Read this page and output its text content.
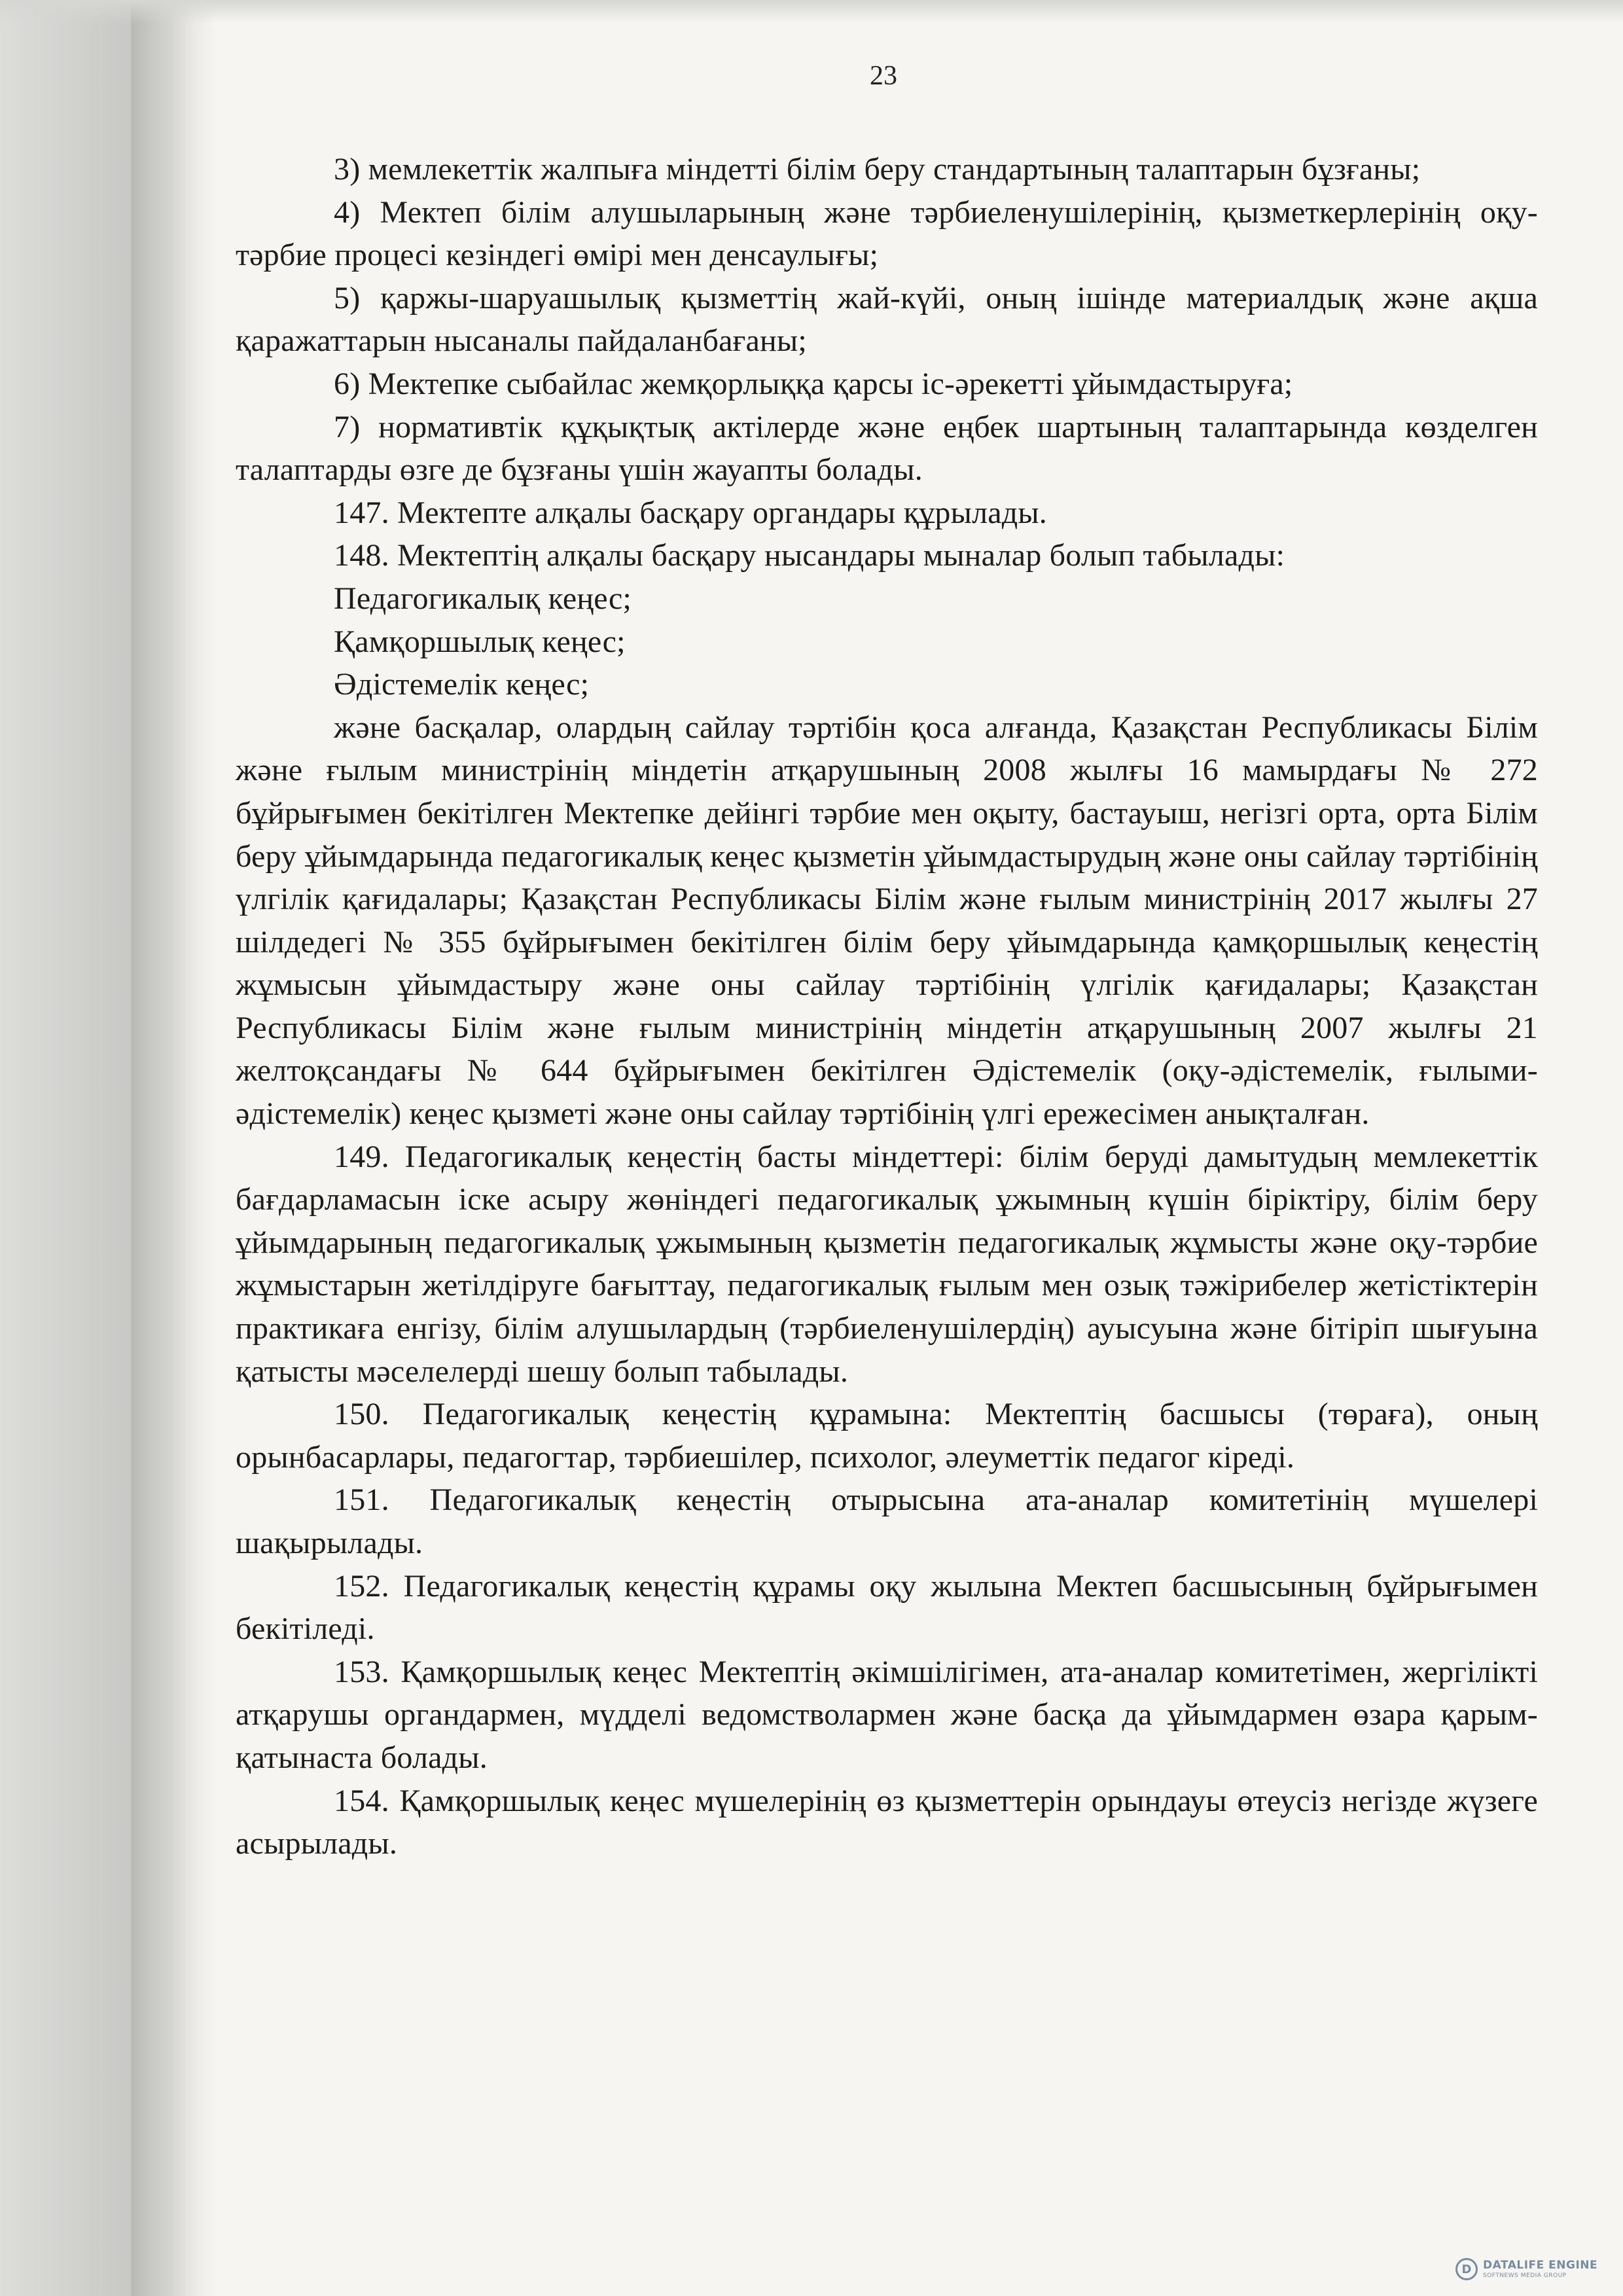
23

3) мемлекеттік жалпыға міндетті білім беру стандартының талаптарын бұзғаны;

4) Мектеп білім алушыларының және тәрбиеленушілерінің, қызметкерлерінің оқу-тәрбие процесі кезіндегі өмірі мен денсаулығы;

5) қаржы-шаруашылық қызметтің жай-күйі, оның ішінде материалдық және ақша қаражаттарын нысаналы пайдаланбағаны;

6) Мектепке сыбайлас жемқорлыққа қарсы іс-әрекетті ұйымдастыруға;

7) нормативтік құқықтық актілерде және еңбек шартының талаптарында көзделген талаптарды өзге де бұзғаны үшін жауапты болады.

147. Мектепте алқалы басқару органдары құрылады.

148. Мектептің алқалы басқару нысандары мыналар болып табылады:

Педагогикалық кеңес;

Қамқоршылық кеңес;

Әдістемелік кеңес;

және басқалар, олардың сайлау тәртібін қоса алғанда, Қазақстан Республикасы Білім және ғылым министрінің міндетін атқарушының 2008 жылғы 16 мамырдағы № 272 бұйрығымен бекітілген Мектепке дейінгі тәрбие мен оқыту, бастауыш, негізгі орта, орта Білім беру ұйымдарында педагогикалық кеңес қызметін ұйымдастырудың және оны сайлау тәртібінің үлгілік қағидалары; Қазақстан Республикасы Білім және ғылым министрінің 2017 жылғы 27 шілдедегі № 355 бұйрығымен бекітілген білім беру ұйымдарында қамқоршылық кеңестің жұмысын ұйымдастыру және оны сайлау тәртібінің үлгілік қағидалары; Қазақстан Республикасы Білім және ғылым министрінің міндетін атқарушының 2007 жылғы 21 желтоқсандағы № 644 бұйрығымен бекітілген Әдістемелік (оқу-әдістемелік, ғылыми-әдістемелік) кеңес қызметі және оны сайлау тәртібінің үлгі ережесімен анықталған.

149. Педагогикалық кеңестің басты міндеттері: білім беруді дамытудың мемлекеттік бағдарламасын іске асыру жөніндегі педагогикалық ұжымның күшін біріктіру, білім беру ұйымдарының педагогикалық ұжымының қызметін педагогикалық жұмысты және оқу-тәрбие жұмыстарын жетілдіруге бағыттау, педагогикалық ғылым мен озық тәжірибелер жетістіктерін практикаға енгізу, білім алушылардың (тәрбиеленушілердің) ауысуына және бітіріп шығуына қатысты мәселелерді шешу болып табылады.

150. Педагогикалық кеңестің құрамына: Мектептің басшысы (төраға), оның орынбасарлары, педагогтар, тәрбиешілер, психолог, әлеуметтік педагог кіреді.

151. Педагогикалық кеңестің отырысына ата-аналар комитетінің мүшелері шақырылады.

152. Педагогикалық кеңестің құрамы оқу жылына Мектеп басшысының бұйрығымен бекітіледі.

153. Қамқоршылық кеңес Мектептің әкімшілігімен, ата-аналар комитетімен, жергілікті атқарушы органдармен, мүдделі ведомстволармен және басқа да ұйымдармен өзара қарым-қатынаста болады.

154. Қамқоршылық кеңес мүшелерінің өз қызметтерін орындауы өтеусіз негізде жүзеге асырылады.

D	DATALIFE ENGINE
SOFTNEWS MEDIA GROUP
